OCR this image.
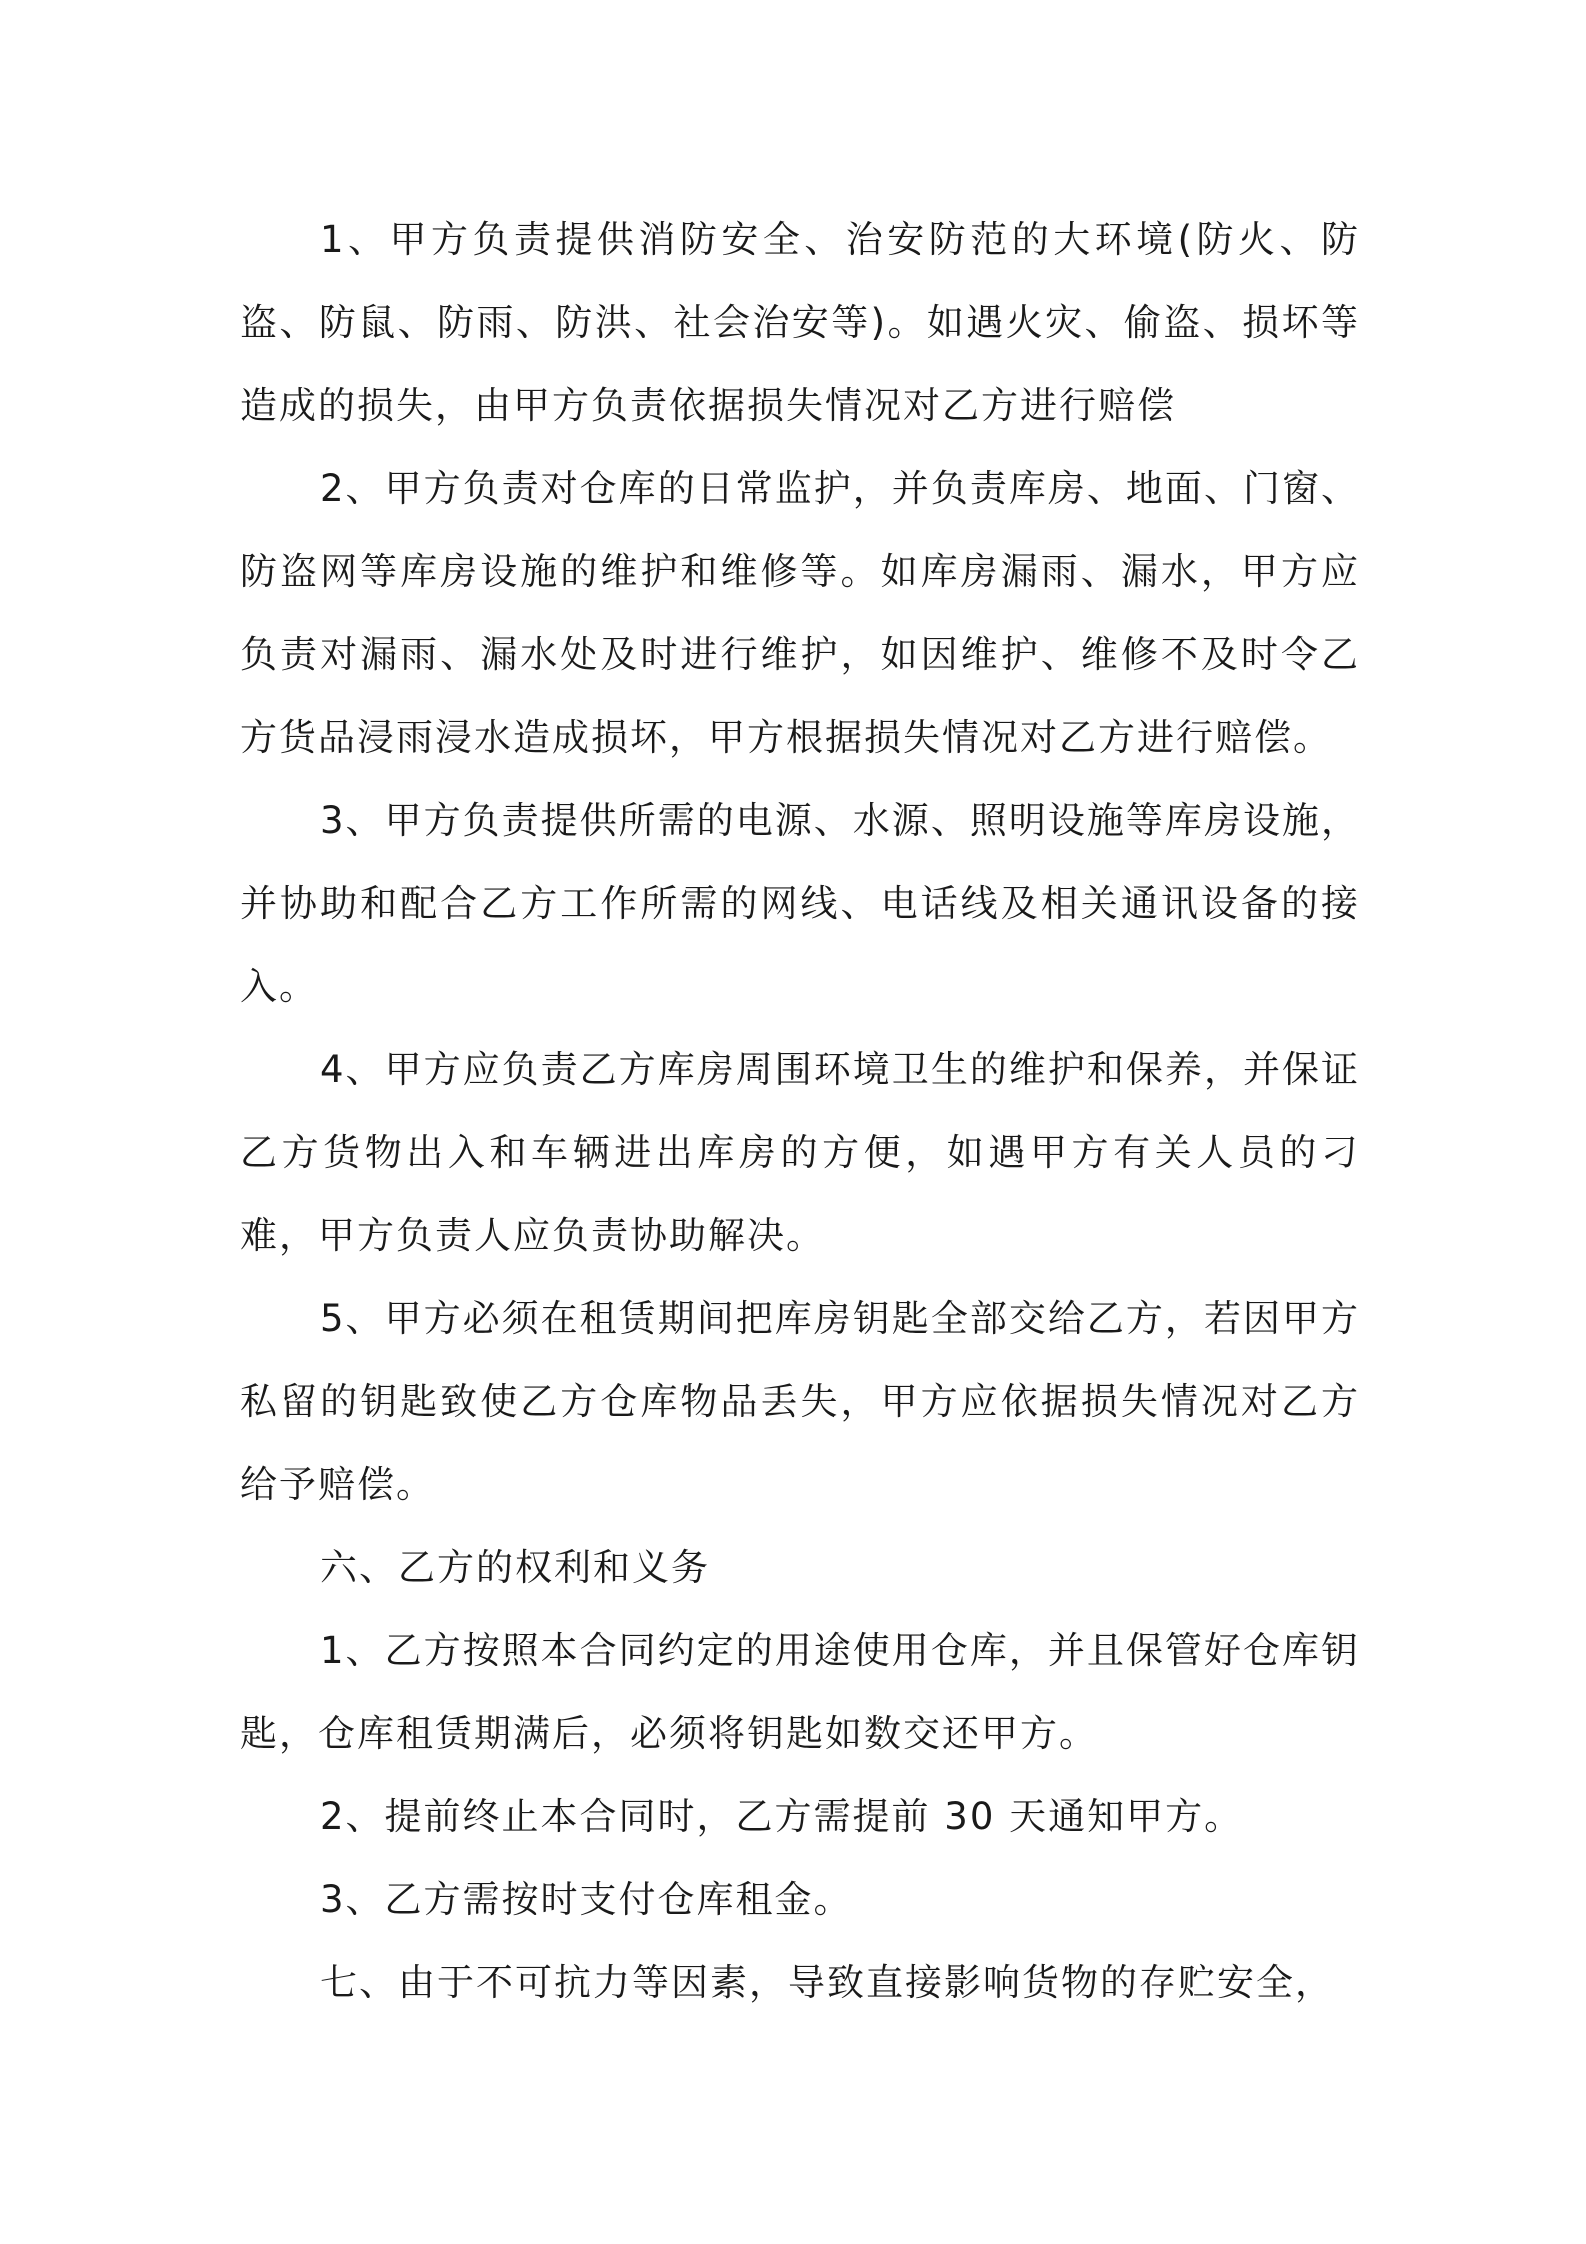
1、甲方负责提供消防安全、治安防范的大环境(防火、防盗、防鼠、防雨、防洪、社会治安等)。如遇火灾、偷盗、损坏等造成的损失，由甲方负责依据损失情况对乙方进行赔偿

2、甲方负责对仓库的日常监护，并负责库房、地面、门窗、防盗网等库房设施的维护和维修等。如库房漏雨、漏水，甲方应负责对漏雨、漏水处及时进行维护，如因维护、维修不及时令乙方货品浸雨浸水造成损坏，甲方根据损失情况对乙方进行赔偿。

3、甲方负责提供所需的电源、水源、照明设施等库房设施，并协助和配合乙方工作所需的网线、电话线及相关通讯设备的接入。

4、甲方应负责乙方库房周围环境卫生的维护和保养，并保证乙方货物出入和车辆进出库房的方便，如遇甲方有关人员的刁难，甲方负责人应负责协助解决。

5、甲方必须在租赁期间把库房钥匙全部交给乙方，若因甲方私留的钥匙致使乙方仓库物品丢失，甲方应依据损失情况对乙方给予赔偿。

六、乙方的权利和义务

1、乙方按照本合同约定的用途使用仓库，并且保管好仓库钥匙，仓库租赁期满后，必须将钥匙如数交还甲方。

2、提前终止本合同时，乙方需提前 30 天通知甲方。

3、乙方需按时支付仓库租金。

七、由于不可抗力等因素，导致直接影响货物的存贮安全，
